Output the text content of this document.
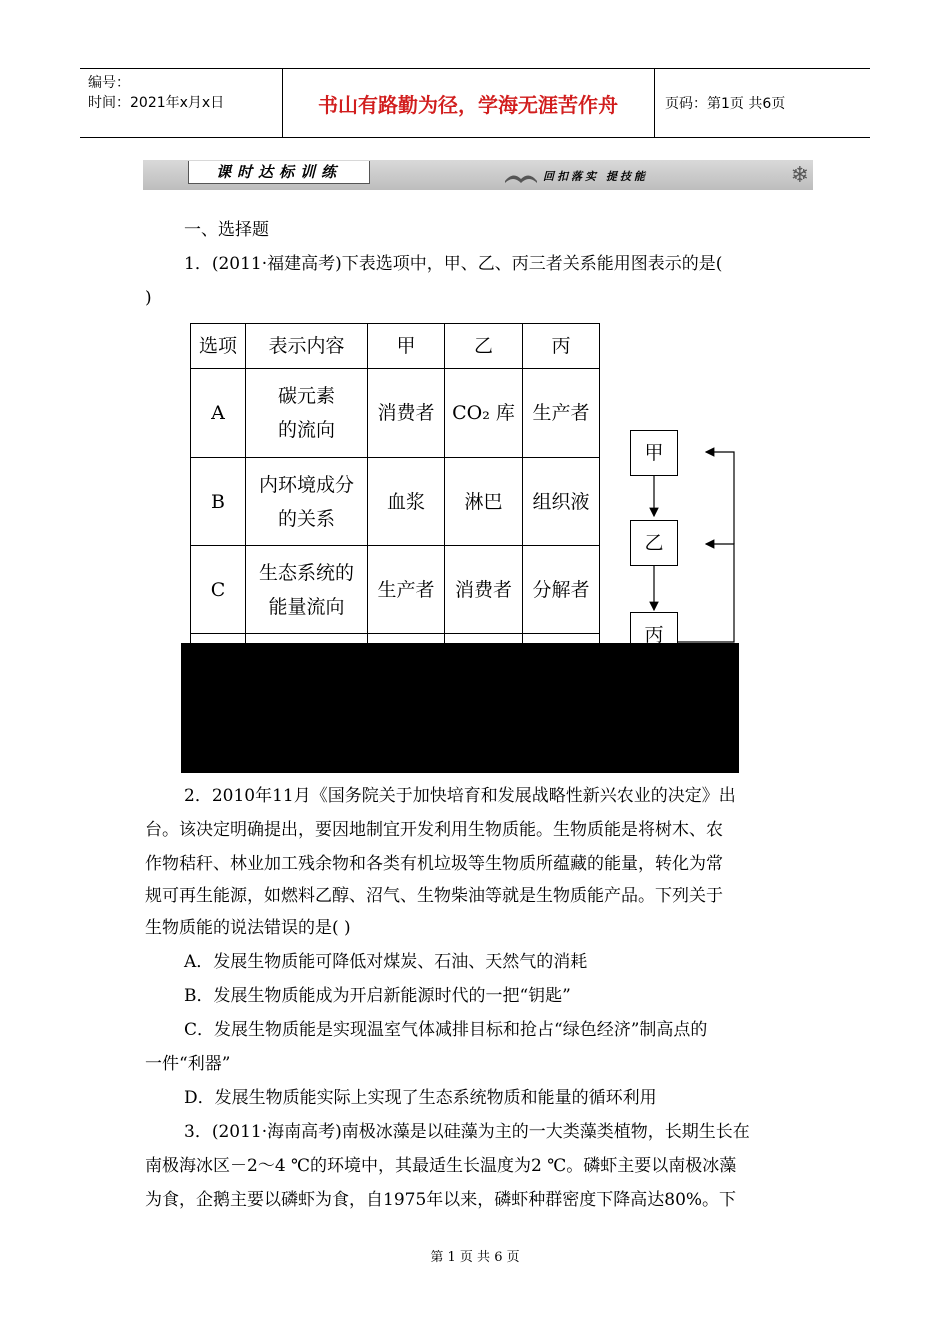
编号：
时间：2021年x月x日	书山有路勤为径，学海无涯苦作舟	页码：第1页 共6页
课时达标训练	回扣落实 提技能	❄
一、选择题
1．(2011·福建高考)下表选项中，甲、乙、丙三者关系能用图表示的是(
)
选项	表示内容	甲	乙	丙
A	碳元素
的流向	消费者	CO₂ 库	生产者
B	内环境成分
的关系	血浆	淋巴	组织液
C	生态系统的
能量流向	生产者	消费者	分解者

甲
乙
丙
2．2010年11月《国务院关于加快培育和发展战略性新兴农业的决定》出
台。该决定明确提出，要因地制宜开发利用生物质能。生物质能是将树木、农
作物秸秆、林业加工残余物和各类有机垃圾等生物质所蕴藏的能量，转化为常
规可再生能源，如燃料乙醇、沼气、生物柴油等就是生物质能产品。下列关于
生物质能的说法错误的是( )
A．发展生物质能可降低对煤炭、石油、天然气的消耗
B．发展生物质能成为开启新能源时代的一把“钥匙”
C．发展生物质能是实现温室气体减排目标和抢占“绿色经济”制高点的
一件“利器”
D．发展生物质能实际上实现了生态系统物质和能量的循环利用
3．(2011·海南高考)南极冰藻是以硅藻为主的一大类藻类植物，长期生长在
南极海冰区－2～4 ℃的环境中，其最适生长温度为2 ℃。磷虾主要以南极冰藻
为食，企鹅主要以磷虾为食，自1975年以来，磷虾种群密度下降高达80%。下
第 1 页 共 6 页
